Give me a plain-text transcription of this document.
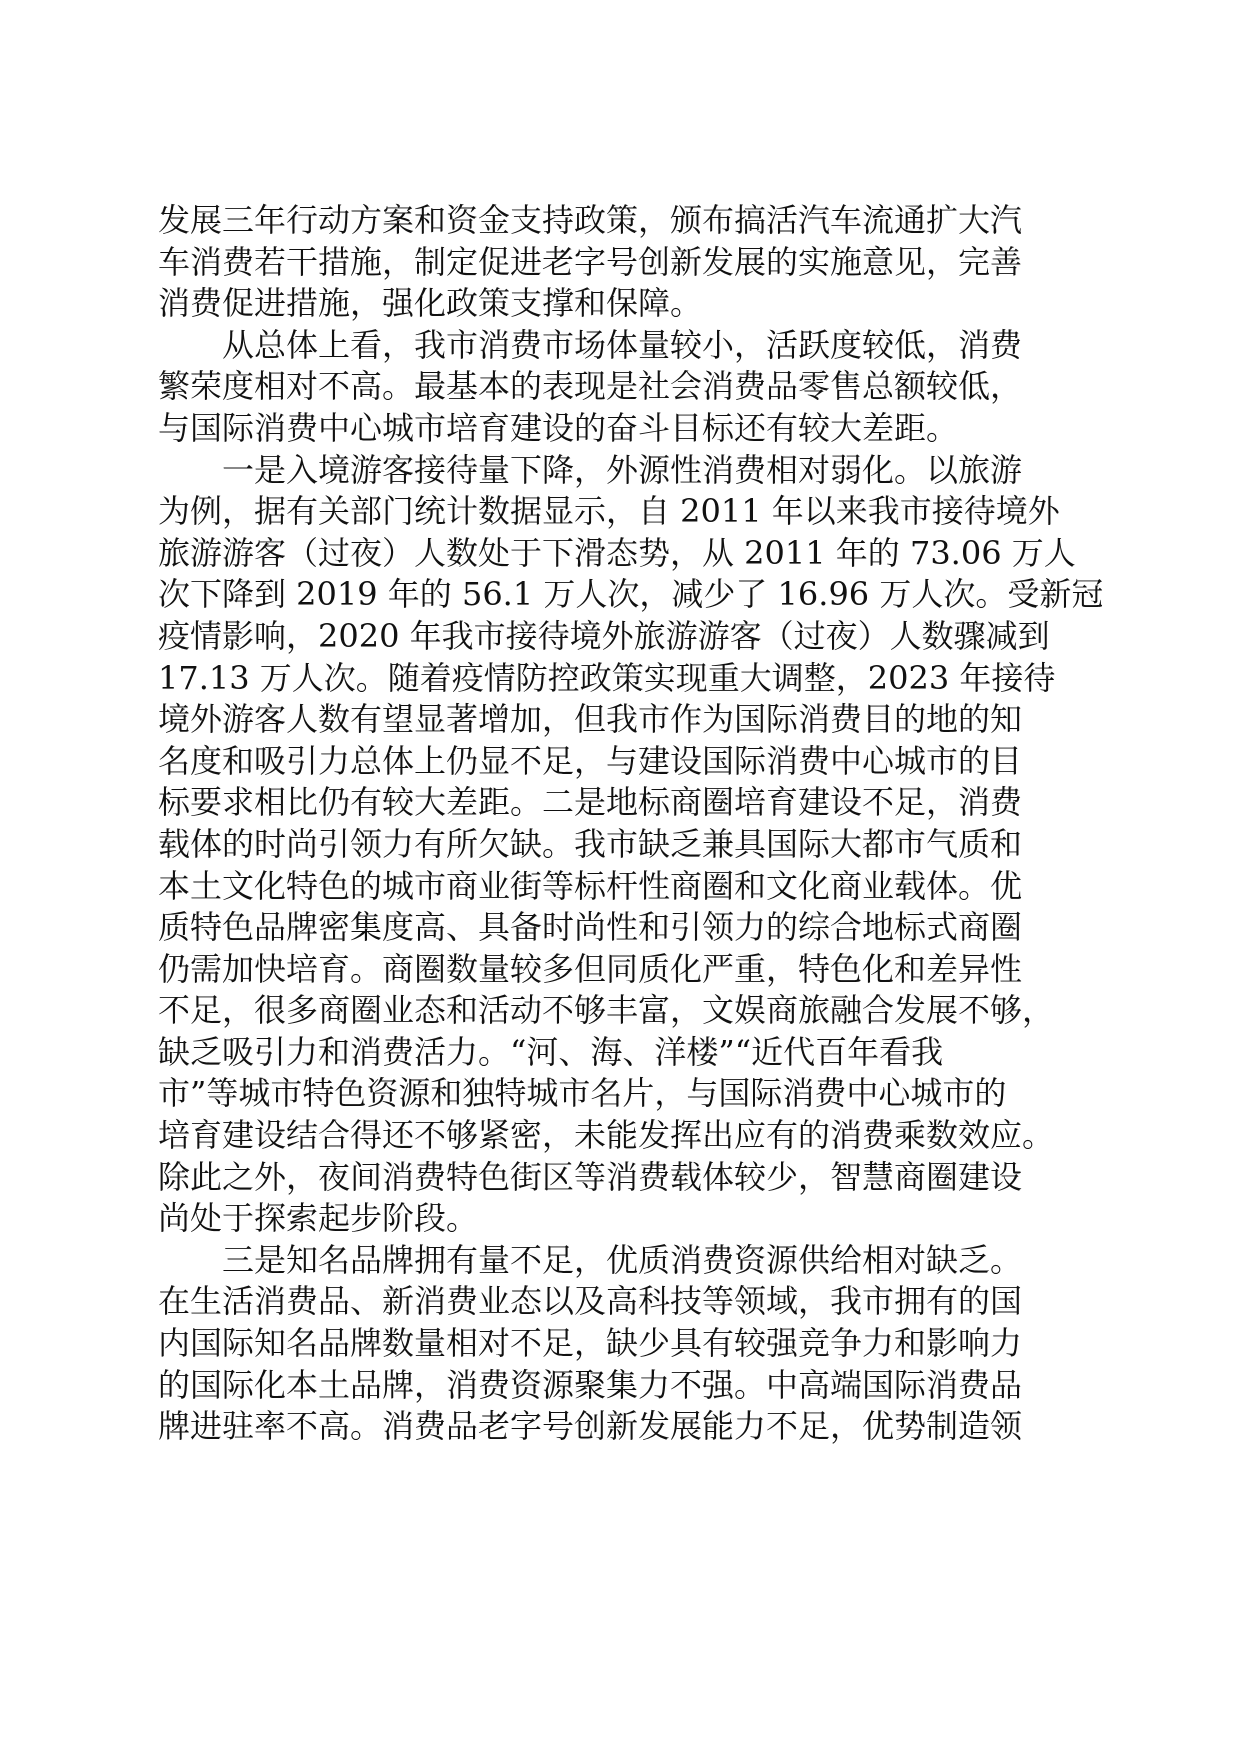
发展三年行动方案和资金支持政策，颁布搞活汽车流通扩大汽
车消费若干措施，制定促进老字号创新发展的实施意见，完善
消费促进措施，强化政策支撑和保障。
　　从总体上看，我市消费市场体量较小，活跃度较低，消费
繁荣度相对不高。最基本的表现是社会消费品零售总额较低，
与国际消费中心城市培育建设的奋斗目标还有较大差距。
　　一是入境游客接待量下降，外源性消费相对弱化。以旅游
为例，据有关部门统计数据显示，自 2011 年以来我市接待境外
旅游游客（过夜）人数处于下滑态势，从 2011 年的 73.06 万人
次下降到 2019 年的 56.1 万人次，减少了 16.96 万人次。受新冠
疫情影响，2020 年我市接待境外旅游游客（过夜）人数骤减到
17.13 万人次。随着疫情防控政策实现重大调整，2023 年接待
境外游客人数有望显著增加，但我市作为国际消费目的地的知
名度和吸引力总体上仍显不足，与建设国际消费中心城市的目
标要求相比仍有较大差距。二是地标商圈培育建设不足，消费
载体的时尚引领力有所欠缺。我市缺乏兼具国际大都市气质和
本土文化特色的城市商业街等标杆性商圈和文化商业载体。优
质特色品牌密集度高、具备时尚性和引领力的综合地标式商圈
仍需加快培育。商圈数量较多但同质化严重，特色化和差异性
不足，很多商圈业态和活动不够丰富，文娱商旅融合发展不够，
缺乏吸引力和消费活力。“河、海、洋楼”“近代百年看我
市”等城市特色资源和独特城市名片，与国际消费中心城市的
培育建设结合得还不够紧密，未能发挥出应有的消费乘数效应。
除此之外，夜间消费特色街区等消费载体较少，智慧商圈建设
尚处于探索起步阶段。
　　三是知名品牌拥有量不足，优质消费资源供给相对缺乏。
在生活消费品、新消费业态以及高科技等领域，我市拥有的国
内国际知名品牌数量相对不足，缺少具有较强竞争力和影响力
的国际化本土品牌，消费资源聚集力不强。中高端国际消费品
牌进驻率不高。消费品老字号创新发展能力不足，优势制造领
